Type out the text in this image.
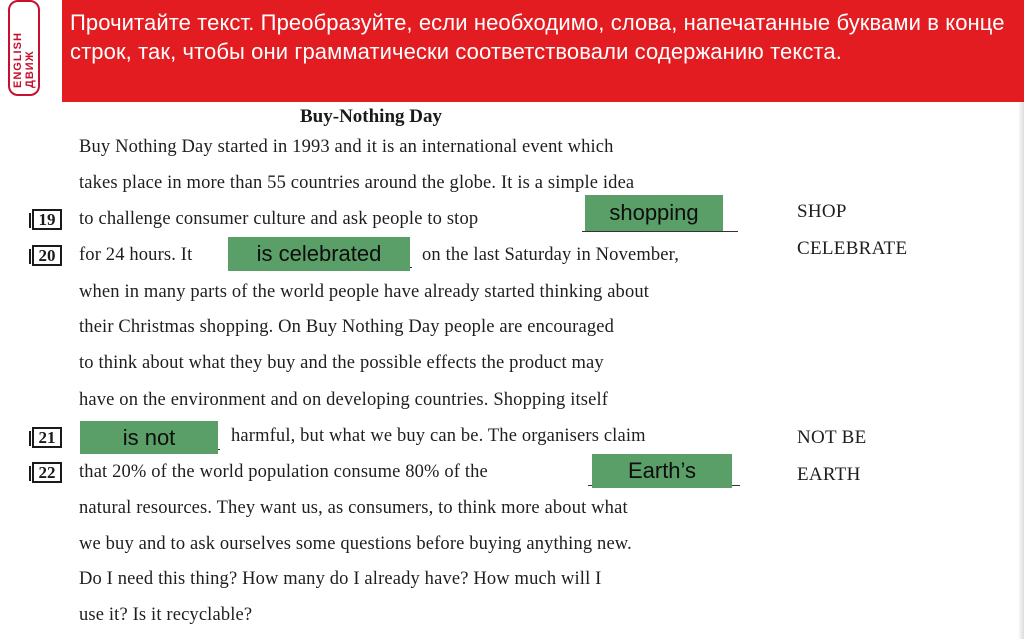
ENGLISH ДВИЖ

Прочитайте текст. Преобразуйте, если необходимо, слова, напечатанные буквами в конце строк, так, чтобы они грамматически соответствовали содержанию текста.

Buy-Nothing Day
Buy Nothing Day started in 1993 and it is an international event which
takes place in more than 55 countries around the globe. It is a simple idea
19	to challenge consumer culture and ask people to stop	shopping	SHOP
20	for 24 hours. It	is celebrated	on the last Saturday in November,	CELEBRATE
when in many parts of the world people have already started thinking about
their Christmas shopping. On Buy Nothing Day people are encouraged
to think about what they buy and the possible effects the product may
have on the environment and on developing countries. Shopping itself
21	is not	harmful, but what we buy can be. The organisers claim	NOT BE
22	that 20% of the world population consume 80% of the	Earth’s	EARTH
natural resources. They want us, as consumers, to think more about what
we buy and to ask ourselves some questions before buying anything new.
Do I need this thing? How many do I already have? How much will I
use it? Is it recyclable?
